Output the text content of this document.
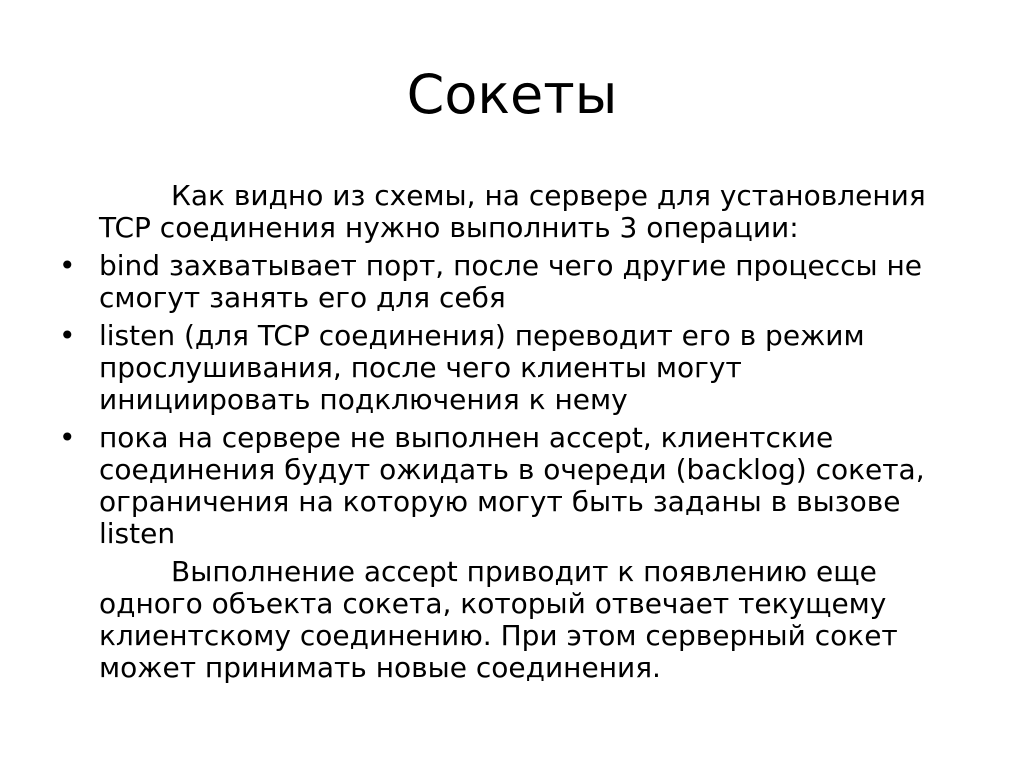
Сокеты

Как видно из схемы, на сервере для установления TCP соединения нужно выполнить 3 операции:

• bind захватывает порт, после чего другие процессы не смогут занять его для себя
• listen (для TCP соединения) переводит его в режим прослушивания, после чего клиенты могут инициировать подключения к нему
• пока на сервере не выполнен accept, клиентские соединения будут ожидать в очереди (backlog) сокета, ограничения на которую могут быть заданы в вызове listen

Выполнение accept приводит к появлению еще одного объекта сокета, который отвечает текущему клиентскому соединению. При этом серверный сокет может принимать новые соединения.
